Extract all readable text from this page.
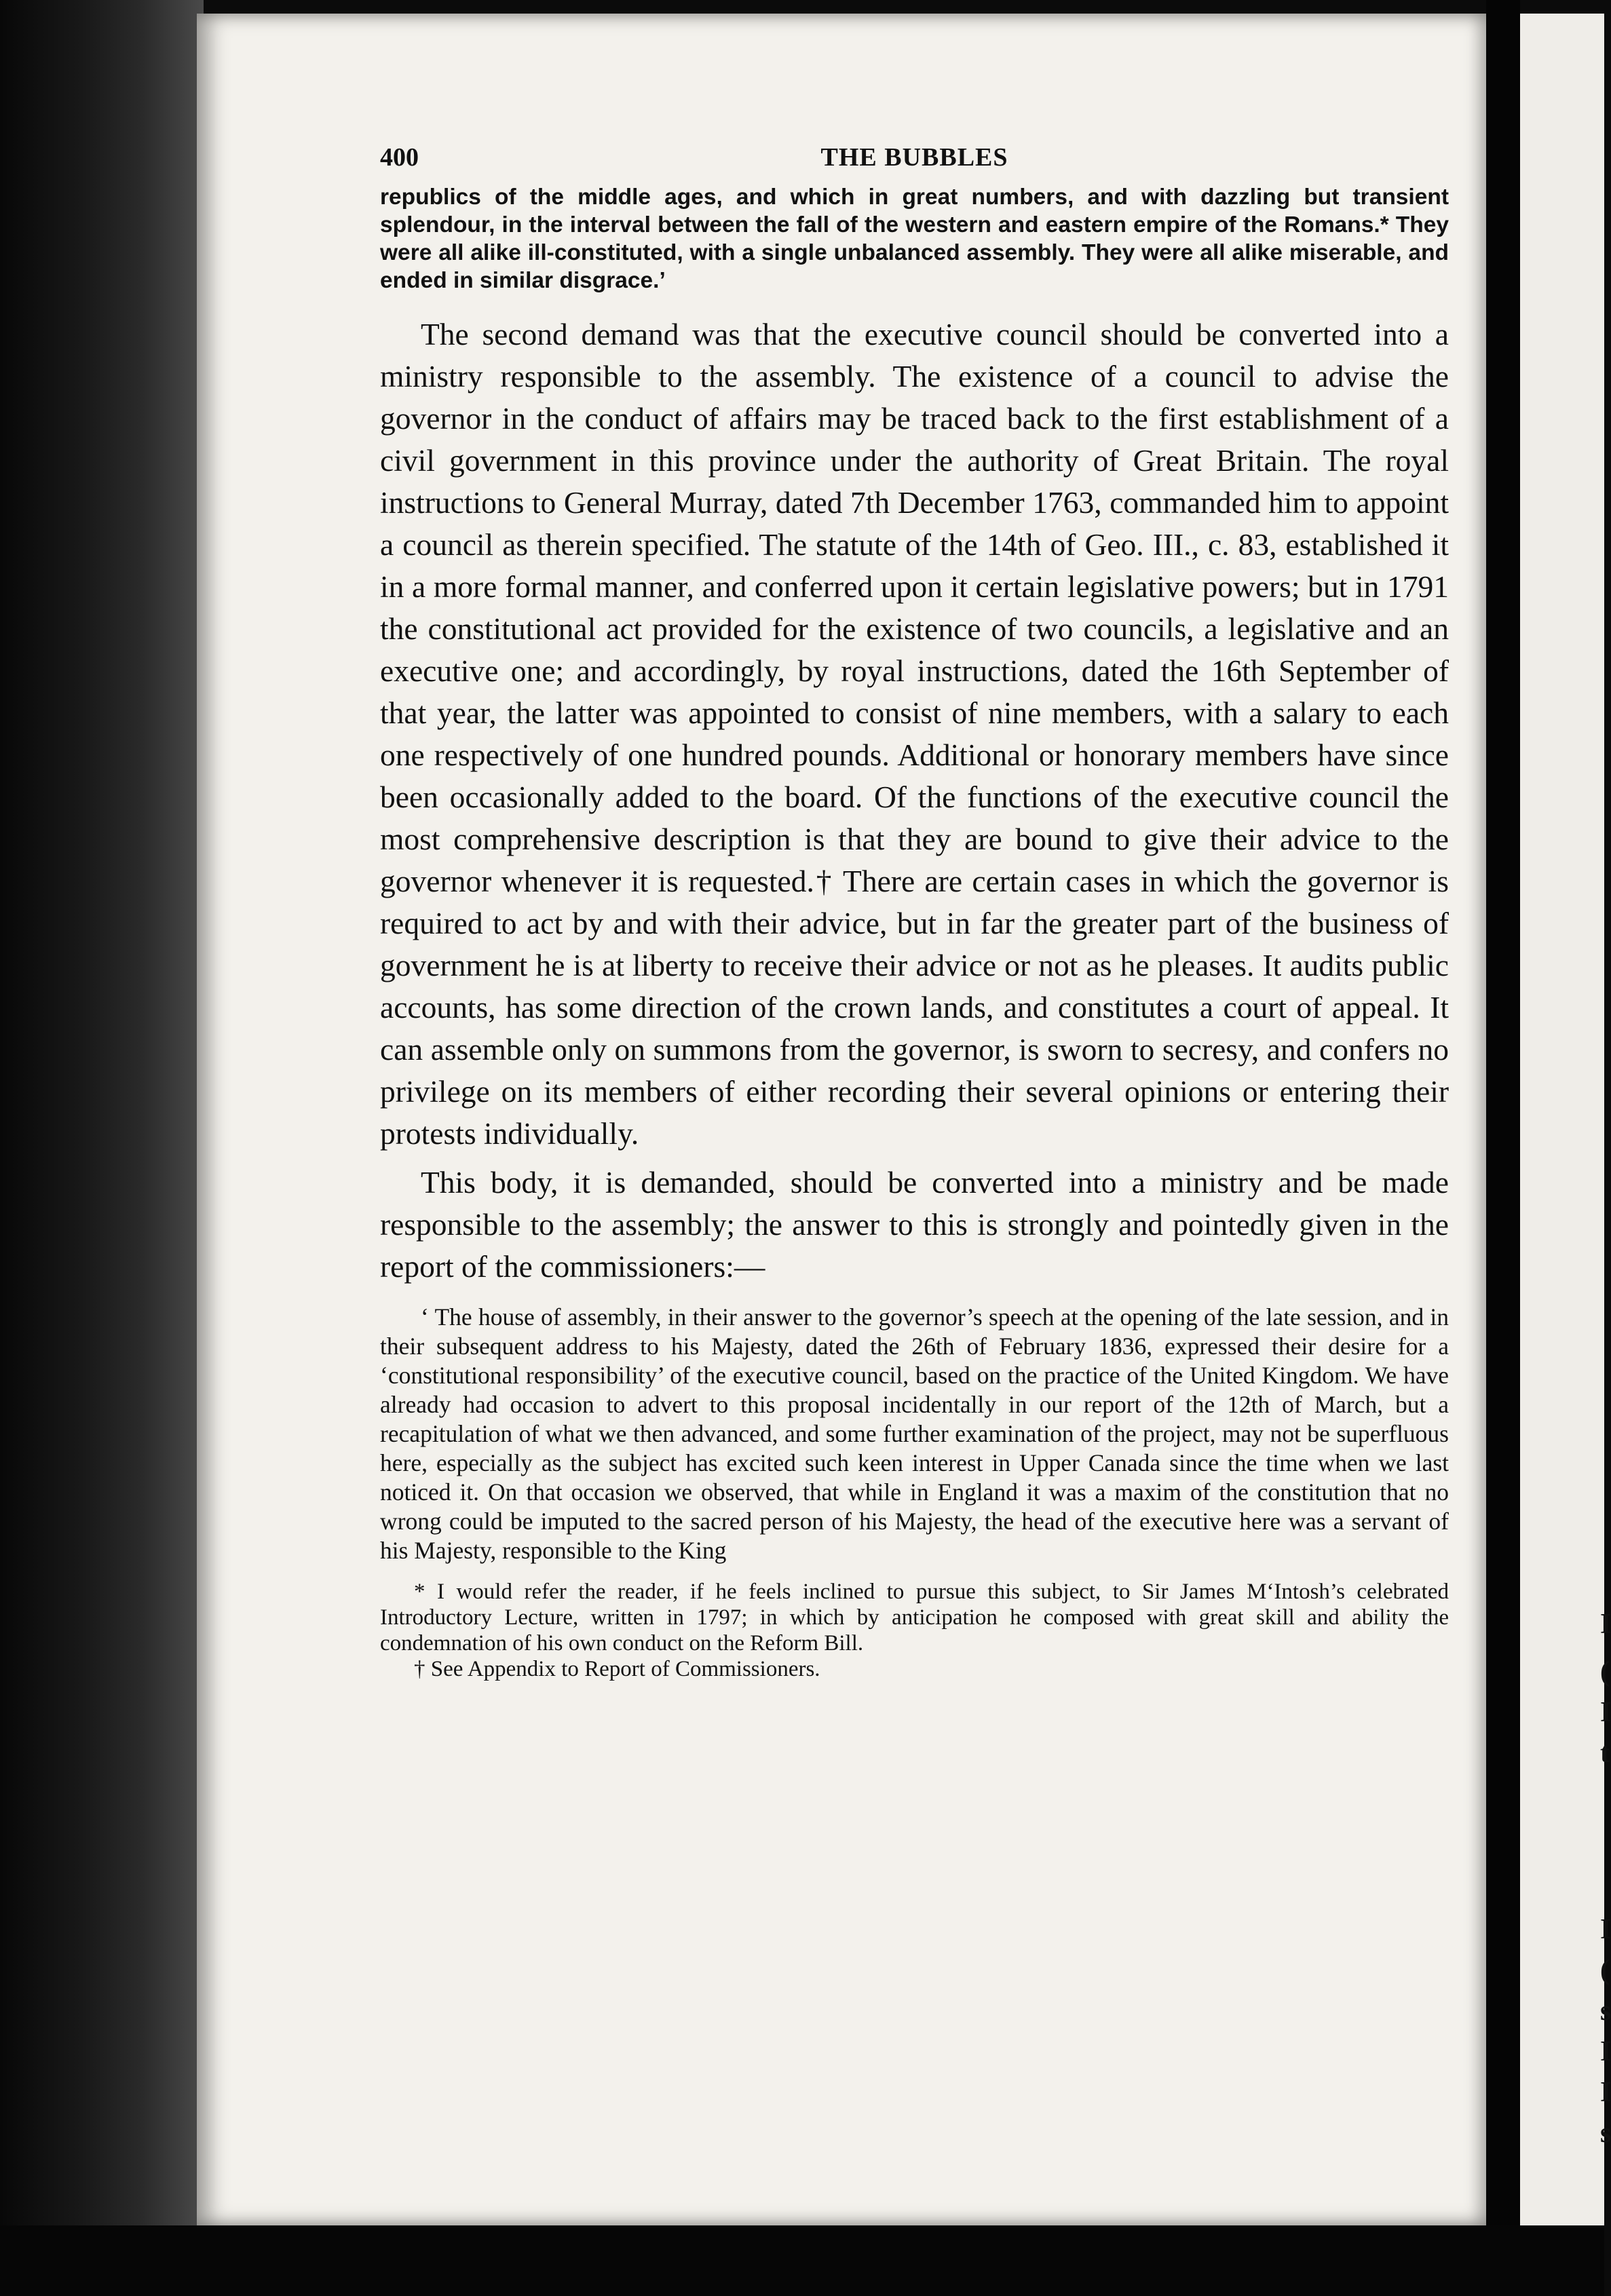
I
(
I
t
I
(
s
I
I
s
400	THE BUBBLES

republics of the middle ages, and which in great numbers, and with dazzling but transient splendour, in the interval between the fall of the western and eastern empire of the Romans.* They were all alike ill-constituted, with a single unbalanced assembly. They were all alike miserable, and ended in similar disgrace.’

The second demand was that the executive council should be converted into a ministry responsible to the assembly. The existence of a council to advise the governor in the conduct of affairs may be traced back to the first establishment of a civil government in this province under the authority of Great Britain. The royal instructions to General Murray, dated 7th December 1763, commanded him to appoint a council as therein specified. The statute of the 14th of Geo. III., c. 83, established it in a more formal manner, and conferred upon it certain legislative powers; but in 1791 the constitutional act provided for the existence of two councils, a legislative and an executive one; and accordingly, by royal instructions, dated the 16th September of that year, the latter was appointed to consist of nine members, with a salary to each one respectively of one hundred pounds. Additional or honorary members have since been occasionally added to the board. Of the functions of the executive council the most comprehensive description is that they are bound to give their advice to the governor whenever it is requested.† There are certain cases in which the governor is required to act by and with their advice, but in far the greater part of the business of government he is at liberty to receive their advice or not as he pleases. It audits public accounts, has some direction of the crown lands, and constitutes a court of appeal. It can assemble only on summons from the governor, is sworn to secresy, and confers no privilege on its members of either recording their several opinions or entering their protests individually.

This body, it is demanded, should be converted into a ministry and be made responsible to the assembly; the answer to this is strongly and pointedly given in the report of the commissioners:—

‘ The house of assembly, in their answer to the governor’s speech at the opening of the late session, and in their subsequent address to his Majesty, dated the 26th of February 1836, expressed their desire for a ‘constitutional responsibility’ of the executive council, based on the practice of the United Kingdom. We have already had occasion to advert to this proposal incidentally in our report of the 12th of March, but a recapitulation of what we then advanced, and some further examination of the project, may not be superfluous here, especially as the subject has excited such keen interest in Upper Canada since the time when we last noticed it. On that occasion we observed, that while in England it was a maxim of the constitution that no wrong could be imputed to the sacred person of his Majesty, the head of the executive here was a servant of his Majesty, responsible to the King

* I would refer the reader, if he feels inclined to pursue this subject, to Sir James M‘Intosh’s celebrated Introductory Lecture, written in 1797; in which by anticipation he composed with great skill and ability the condemnation of his own conduct on the Reform Bill.

† See Appendix to Report of Commissioners.
